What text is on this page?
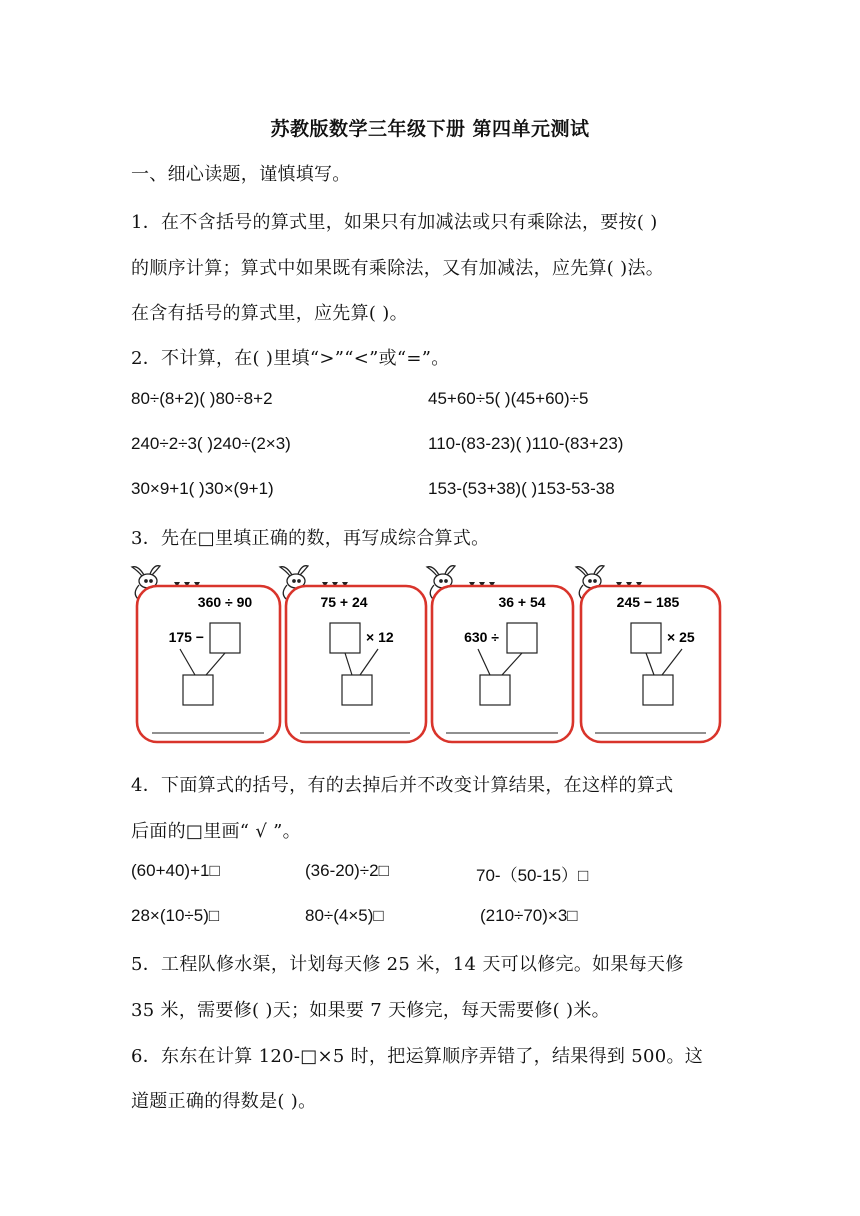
苏教版数学三年级下册 第四单元测试
一、细心读题，谨慎填写。
1．在不含括号的算式里，如果只有加减法或只有乘除法，要按( )
的顺序计算；算式中如果既有乘除法，又有加减法，应先算( )法。
在含有括号的算式里，应先算( )。
2．不计算，在( )里填“>”“<”或“=”。
80÷(8+2)( )80÷8+2	45+60÷5( )(45+60)÷5
240÷2÷3( )240÷(2×3)	110-(83-23)( )110-(83+23)
30×9+1( )30×(9+1)	153-(53+38)( )153-53-38
3．先在□里填正确的数，再写成综合算式。
360 ÷ 90
175 −
75 + 24
× 12
36 + 54
630 ÷
245 − 185
× 25
4．下面算式的括号，有的去掉后并不改变计算结果，在这样的算式
后面的□里画“ √ ”。
(60+40)+1□	(36-20)÷2□	70-（50-15）□
28×(10÷5)□	80÷(4×5)□	(210÷70)×3□
5．工程队修水渠，计划每天修 25 米，14 天可以修完。如果每天修
35 米，需要修( )天；如果要 7 天修完，每天需要修( )米。
6．东东在计算 120-□×5 时，把运算顺序弄错了，结果得到 500。这
道题正确的得数是( )。
